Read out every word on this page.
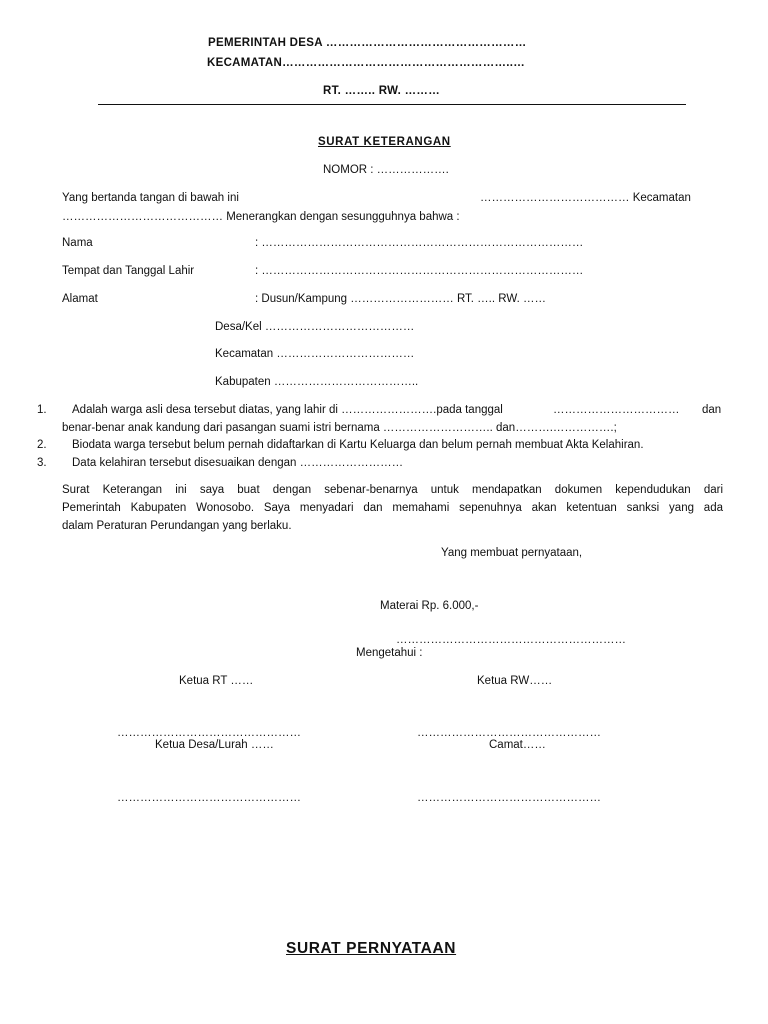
PEMERINTAH DESA ……………………………………………
KECAMATAN…………………………………………………..…
RT. …….. RW. ………
SURAT KETERANGAN
NOMOR : ……………….
Yang bertanda tangan di bawah ini	………………………………… Kecamatan
…………………………………… Menerangkan dengan sesungguhnya bahwa :
Nama	: …………………………………………………………………………
Tempat dan Tanggal Lahir	: …………………………………………………………………………
Alamat	: Dusun/Kampung ……………………… RT. ….. RW. ……
Desa/Kel …………………………………
Kecamatan ………………………………
Kabupaten ………………………………..
1. Adalah warga asli desa tersebut diatas, yang lahir di …………………….pada tanggal	…………………………… dan
benar-benar anak kandung dari pasangan suami istri bernama ……………………….. dan……….…………….;
2. Biodata warga tersebut belum pernah didaftarkan di Kartu Keluarga dan belum pernah membuat Akta Kelahiran.
3. Data kelahiran tersebut disesuaikan dengan ………………………
Surat Keterangan ini saya buat dengan sebenar-benarnya untuk mendapatkan dokumen kependudukan dari
Pemerintah Kabupaten Wonosobo. Saya menyadari dan memahami sepenuhnya akan ketentuan sanksi yang ada
dalam Peraturan Perundangan yang berlaku.
Yang membuat pernyataan,
Materai Rp. 6.000,-
……………………………………………………
Mengetahui :
Ketua RT ……	Ketua RW……
…………………………………………	…………………………………………
Ketua Desa/Lurah ……	Camat……
…………………………………………	…………………………………………
SURAT PERNYATAAN
